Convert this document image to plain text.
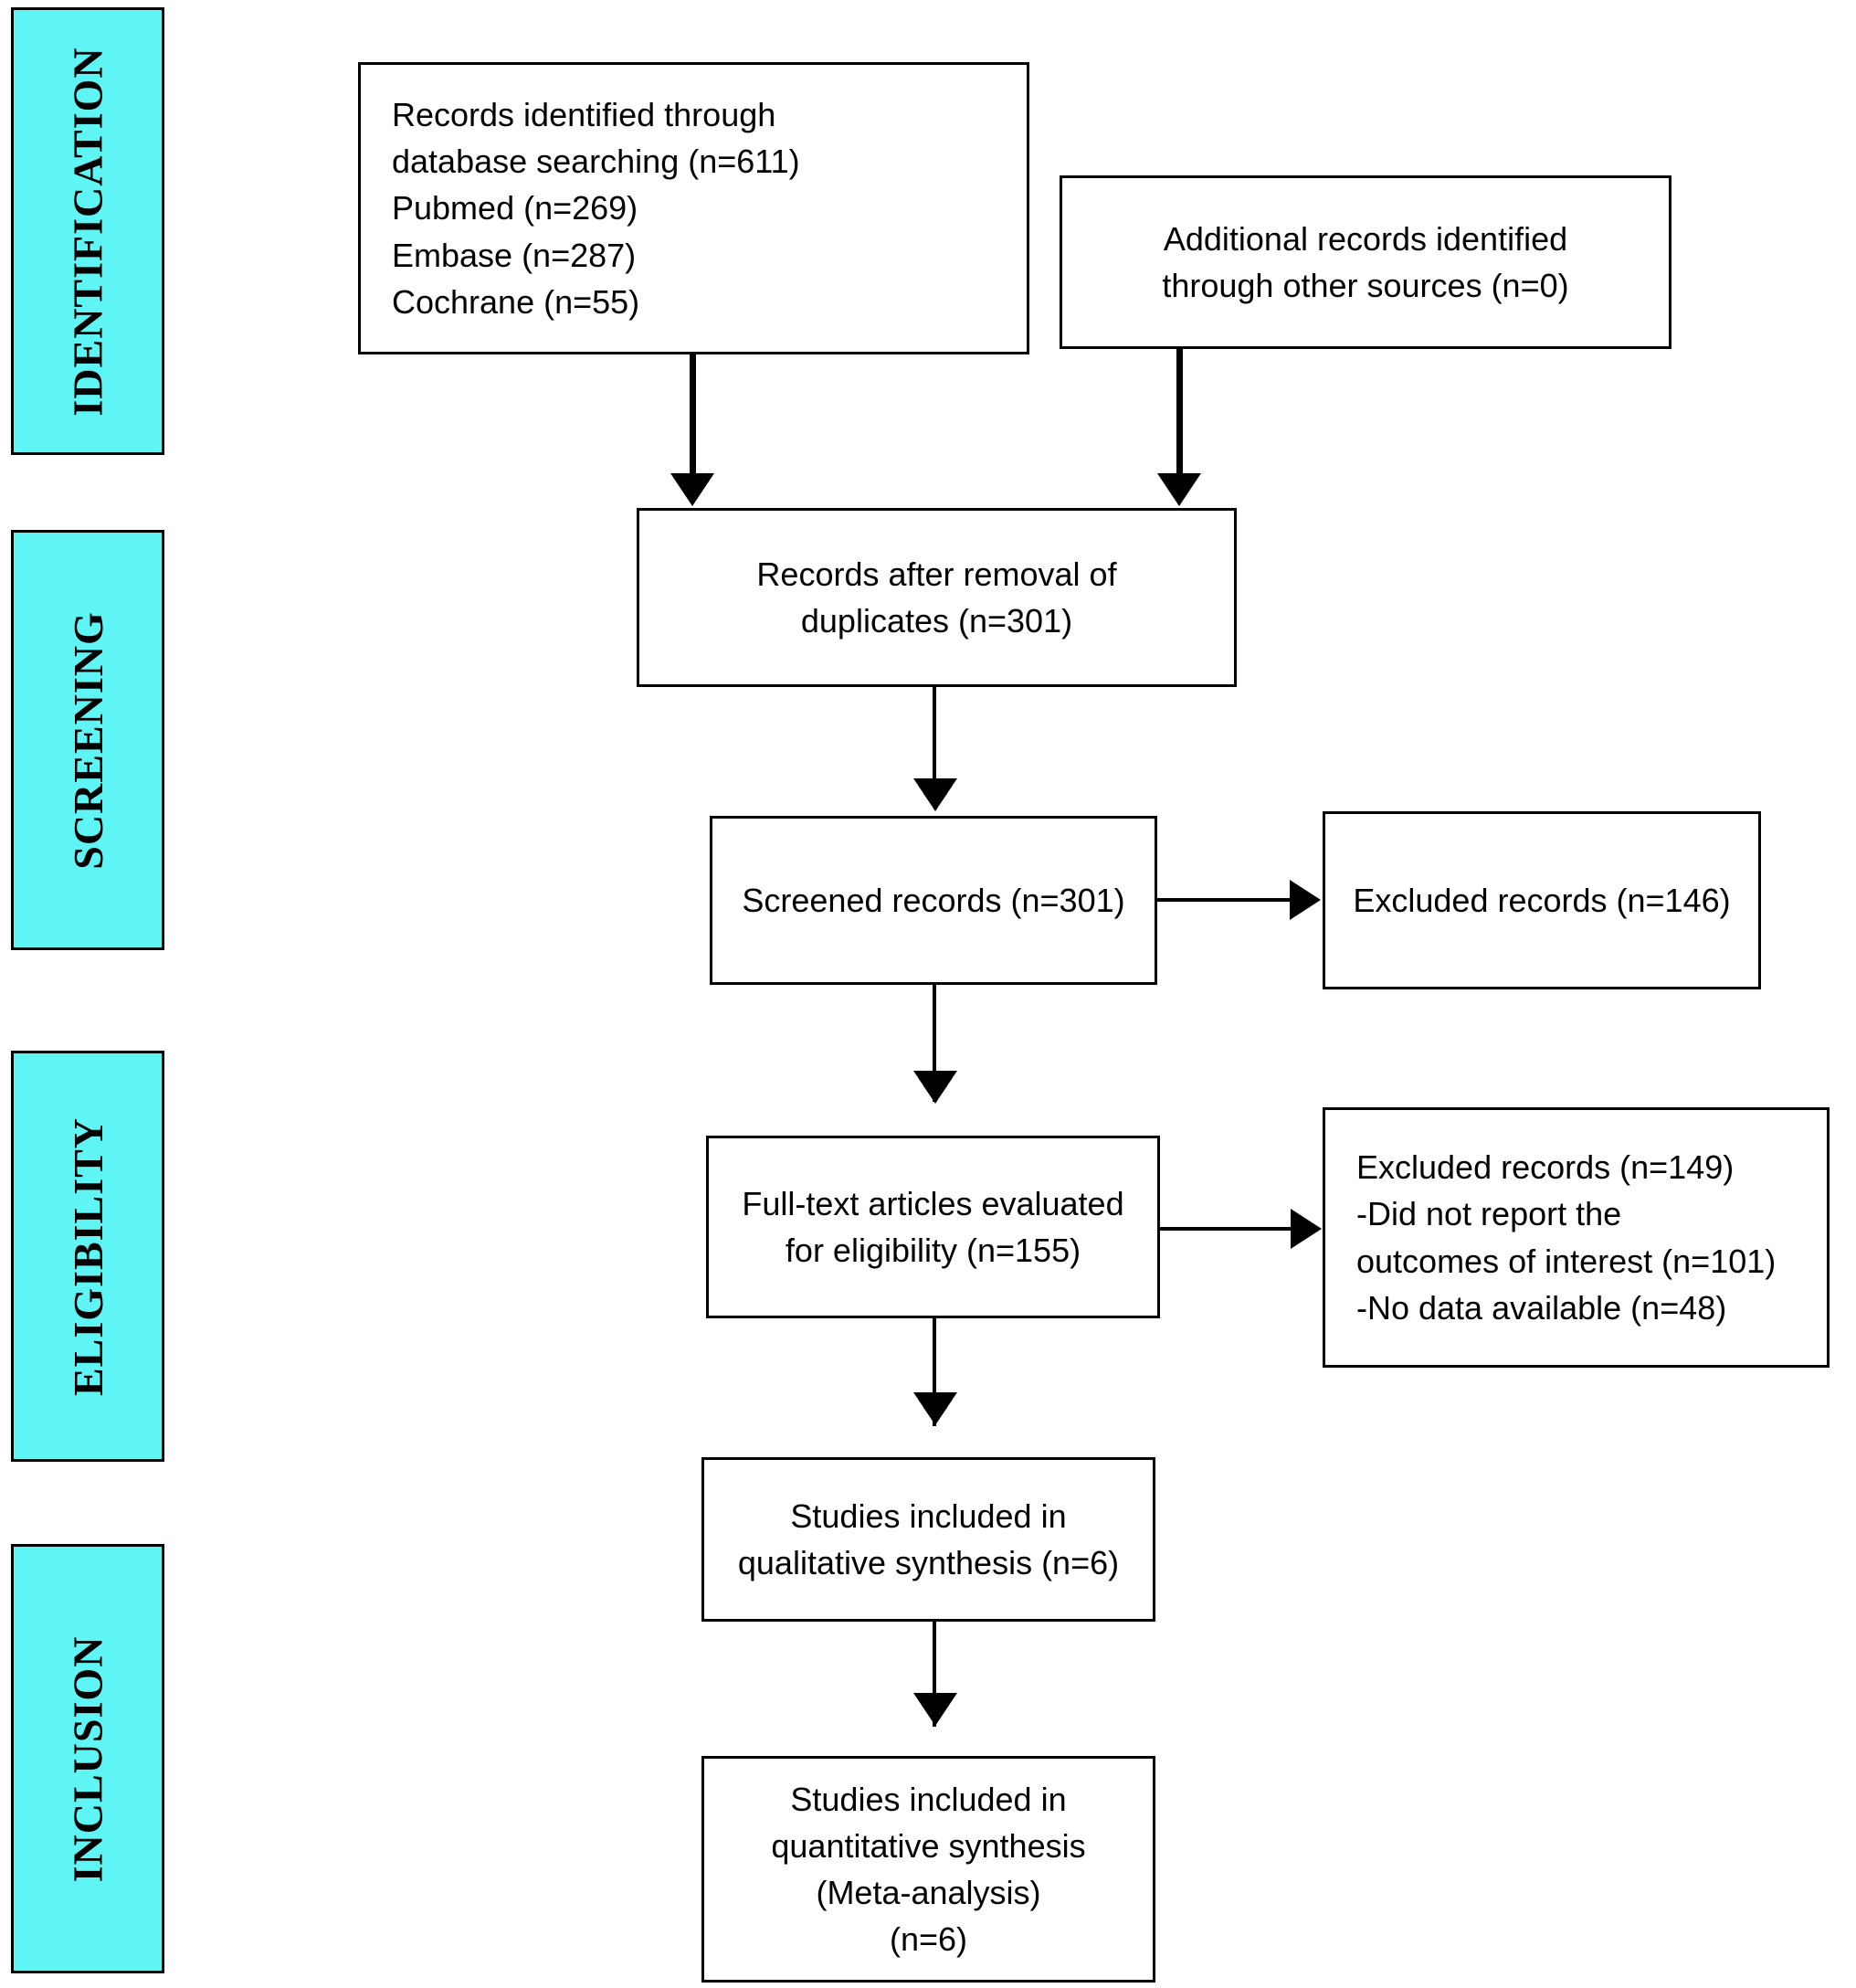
IDENTIFICATION
SCREENING
ELIGIBILITY
INCLUSION
Records identified through
database searching (n=611)
Pubmed (n=269)
Embase (n=287)
Cochrane (n=55)
Additional records identified
through other sources (n=0)
Records after removal of
duplicates (n=301)
Screened records (n=301)	Excluded records (n=146)
Full-text articles evaluated
for eligibility (n=155)
Excluded records (n=149)
-Did not report the
outcomes of interest (n=101)
-No data available (n=48)
Studies included in
qualitative synthesis (n=6)
Studies included in
quantitative synthesis
(Meta-analysis)
(n=6)
